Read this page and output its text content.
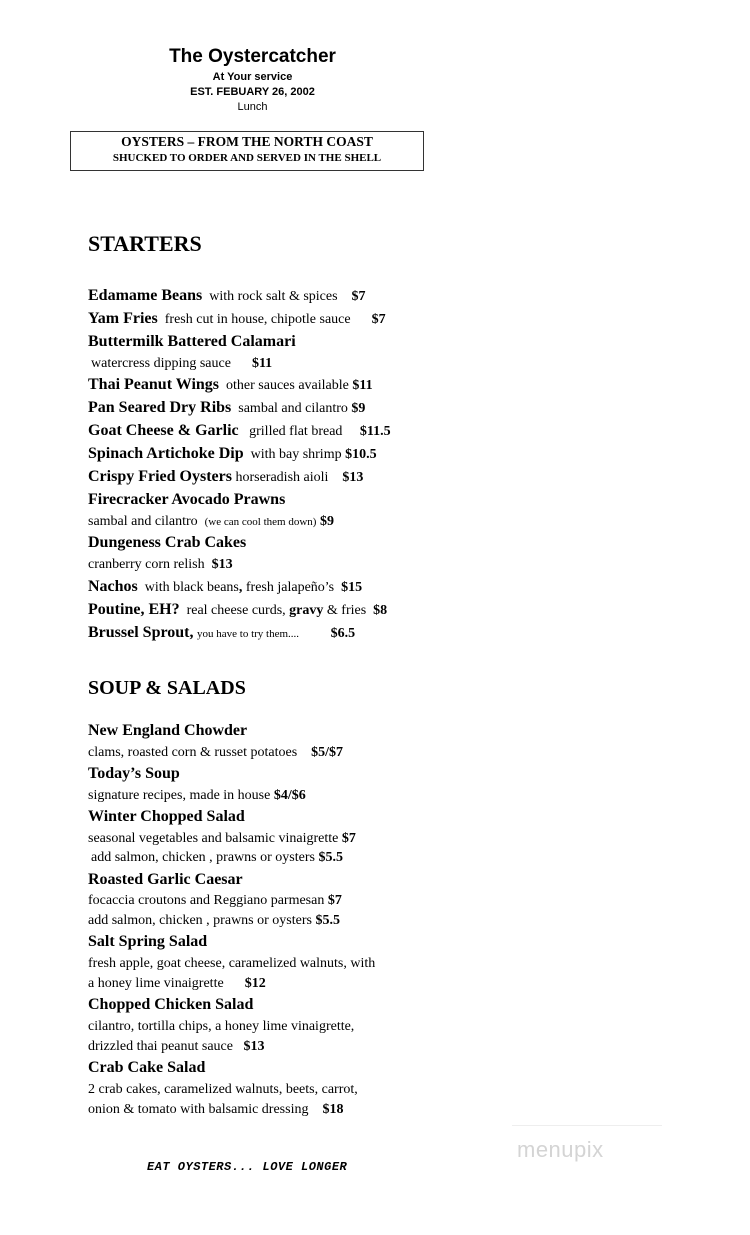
The Oystercatcher
At Your service
EST. FEBUARY 26, 2002
Lunch
OYSTERS – FROM THE NORTH COAST
SHUCKED TO ORDER AND SERVED IN THE SHELL
STARTERS
Edamame Beans with rock salt & spices $7
Yam Fries fresh cut in house, chipotle sauce $7
Buttermilk Battered Calamari
watercress dipping sauce $11
Thai Peanut Wings other sauces available $11
Pan Seared Dry Ribs sambal and cilantro $9
Goat Cheese & Garlic grilled flat bread $11.5
Spinach Artichoke Dip with bay shrimp $10.5
Crispy Fried Oysters horseradish aioli $13
Firecracker Avocado Prawns
sambal and cilantro (we can cool them down) $9
Dungeness Crab Cakes
cranberry corn relish $13
Nachos with black beans, fresh jalapeño’s $15
Poutine, EH? real cheese curds, gravy & fries $8
Brussel Sprout, you have to try them.... $6.5
SOUP & SALADS
New England Chowder
clams, roasted corn & russet potatoes $5/$7
Today’s Soup
signature recipes, made in house $4/$6
Winter Chopped Salad
seasonal vegetables and balsamic vinaigrette $7
add salmon, chicken , prawns or oysters $5.5
Roasted Garlic Caesar
focaccia croutons and Reggiano parmesan $7
add salmon, chicken , prawns or oysters $5.5
Salt Spring Salad
fresh apple, goat cheese, caramelized walnuts, with
a honey lime vinaigrette $12
Chopped Chicken Salad
cilantro, tortilla chips, a honey lime vinaigrette,
drizzled thai peanut sauce $13
Crab Cake Salad
2 crab cakes, caramelized walnuts, beets, carrot,
onion & tomato with balsamic dressing $18
EAT OYSTERS... LOVE LONGER
menupix
